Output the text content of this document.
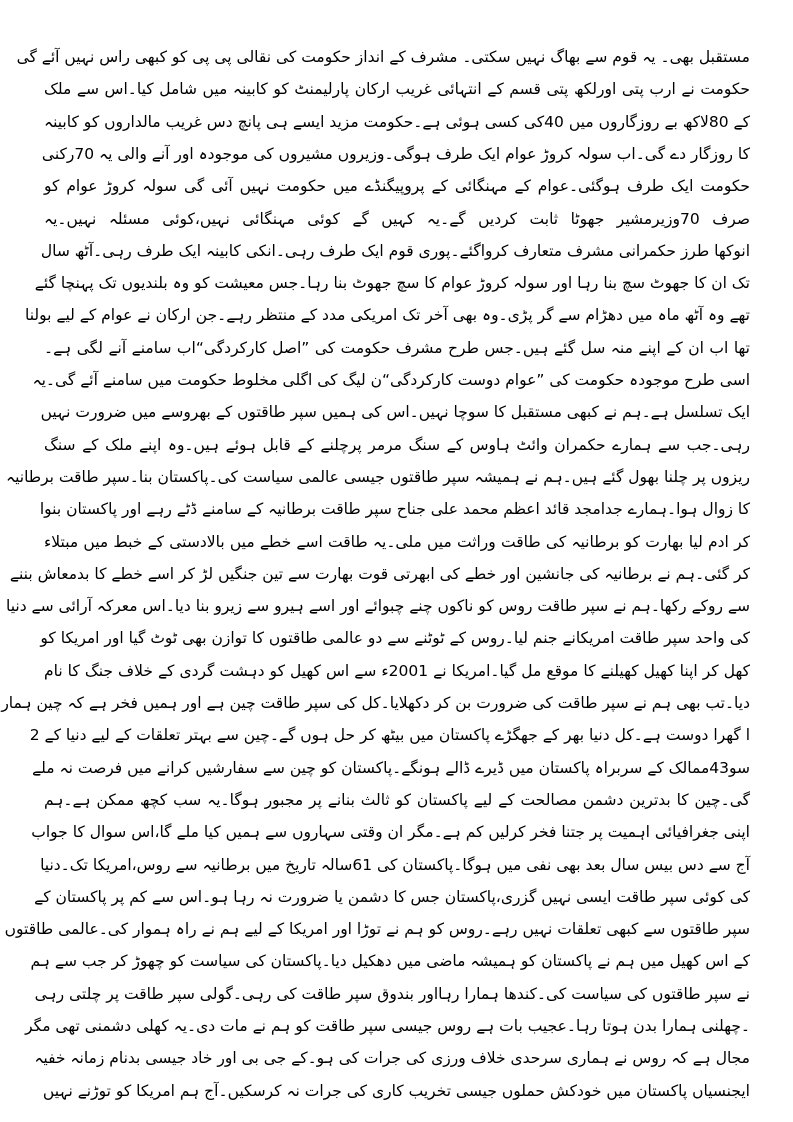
مستقبل بھی۔ یہ قوم سے بھاگ نہیں سکتی۔ مشرف کے انداز حکومت کی نقالی پی پی کو کبھی راس نہیں آئے گی
حکومت نے ارب پتی اورلکھ پتی قسم کے انتہائی غریب ارکان پارلیمنٹ کو کابینہ میں شامل کیا۔اس سے ملک
کے 80لاکھ بے روزگاروں میں 40کی کسی ہوئی ہے۔حکومت مزید ایسے ہی پانچ دس غریب مالداروں کو کابینہ
کا روزگار دے گی۔اب سولہ کروڑ عوام ایک طرف ہوگی۔وزیروں مشیروں کی موجودہ اور آنے والی یہ 70رکنی
حکومت ایک طرف ہوگئی۔عوام کے مہنگائی کے پروپیگنڈے میں حکومت نہیں آئی گی سولہ کروڑ عوام کو
صرف 70وزیرمشیر جھوٹا ثابت کردیں گے۔یہ کہیں گے کوئی مہنگائی نہیں،کوئی مسئلہ نہیں۔یہ
انوکھا طرز حکمرانی مشرف متعارف کرواگئے۔پوری قوم ایک طرف رہی۔انکی کابینہ ایک طرف رہی۔آٹھ سال
تک ان کا جھوٹ سچ بنا رہا اور سولہ کروڑ عوام کا سچ جھوٹ بنا رہا۔جس معیشت کو وہ بلندیوں تک پہنچا گئے
تھے وہ آٹھ ماہ میں دھڑام سے گر پڑی۔وہ بھی آخر تک امریکی مدد کے منتظر رہے۔جن ارکان نے عوام کے لیے بولنا
تھا اب ان کے اپنے منہ سل گئے ہیں۔جس طرح مشرف حکومت کی ”اصل کارکردگی“اب سامنے آنے لگی ہے۔
اسی طرح موجودہ حکومت کی ”عوام دوست کارکردگی“ن لیگ کی اگلی مخلوط حکومت میں سامنے آئے گی۔یہ
ایک تسلسل ہے۔ہم نے کبھی مستقبل کا سوچا نہیں۔اس کی ہمیں سپر طاقتوں کے بھروسے میں ضرورت نہیں
رہی۔جب سے ہمارے حکمران وائٹ ہاوس کے سنگ مرمر پرچلنے کے قابل ہوئے ہیں۔وہ اپنے ملک کے سنگ
ریزوں پر چلنا بھول گئے ہیں۔ہم نے ہمیشہ سپر طاقتوں جیسی عالمی سیاست کی۔پاکستان بنا۔سپر طاقت برطانیہ
کا زوال ہوا۔ہمارے جدامجد قائد اعظم محمد علی جناح سپر طاقت برطانیہ کے سامنے ڈٹے رہے اور پاکستان بنوا
کر ادم لیا بھارت کو برطانیہ کی طاقت وراثت میں ملی۔یہ طاقت اسے خطے میں بالادستی کے خبط میں مبتلاء
کر گئی۔ہم نے برطانیہ کی جانشین اور خطے کی ابھرتی قوت بھارت سے تین جنگیں لڑ کر اسے خطے کا بدمعاش بننے
سے روکے رکھا۔ہم نے سپر طاقت روس کو ناکوں چنے چبوائے اور اسے ہیرو سے زیرو بنا دیا۔اس معرکہ آرائی سے دنیا
کی واحد سپر طاقت امریکانے جنم لیا۔روس کے ٹوٹنے سے دو عالمی طاقتوں کا توازن بھی ٹوٹ گیا اور امریکا کو
کھل کر اپنا کھیل کھیلنے کا موقع مل گیا۔امریکا نے 2001ء سے اس کھیل کو دہشت گردی کے خلاف جنگ کا نام
دیا۔تب بھی ہم نے سپر طاقت کی ضرورت بن کر دکھلایا۔کل کی سپر طاقت چین ہے اور ہمیں فخر ہے کہ چین ہمار
ا گھرا دوست ہے۔کل دنیا بھر کے جھگڑے پاکستان میں بیٹھ کر حل ہوں گے۔چین سے بہتر تعلقات کے لیے دنیا کے 2
سو43ممالک کے سربراہ پاکستان میں ڈیرے ڈالے ہونگے۔پاکستان کو چین سے سفارشیں کرانے میں فرصت نہ ملے
گی۔چین کا بدترین دشمن مصالحت کے لیے پاکستان کو ثالث بنانے پر مجبور ہوگا۔یہ سب کچھ ممکن ہے۔ہم
اپنی جغرافیائی اہمیت پر جتنا فخر کرلیں کم ہے۔مگر ان وقتی سہاروں سے ہمیں کیا ملے گا،اس سوال کا جواب
آج سے دس بیس سال بعد بھی نفی میں ہوگا۔پاکستان کی 61سالہ تاریخ میں برطانیہ سے روس،امریکا تک۔دنیا
کی کوئی سپر طاقت ایسی نہیں گزری،پاکستان جس کا دشمن یا ضرورت نہ رہا ہو۔اس سے کم پر پاکستان کے
سپر طاقتوں سے کبھی تعلقات نہیں رہے۔روس کو ہم نے توڑا اور امریکا کے لیے ہم نے راہ ہموار کی۔عالمی طاقتوں
کے اس کھیل میں ہم نے پاکستان کو ہمیشہ ماضی میں دھکیل دیا۔پاکستان کی سیاست کو چھوڑ کر جب سے ہم
نے سپر طاقتوں کی سیاست کی۔کندھا ہمارا رہااور بندوق سپر طاقت کی رہی۔گولی سپر طاقت پر چلتی رہی
۔چھلنی ہمارا بدن ہوتا رہا۔عجیب بات ہے روس جیسی سپر طاقت کو ہم نے مات دی۔یہ کھلی دشمنی تھی مگر
مجال ہے کہ روس نے ہماری سرحدی خلاف ورزی کی جرات کی ہو۔کے جی بی اور خاد جیسی بدنام زمانہ خفیہ
ایجنسیاں پاکستان میں خودکش حملوں جیسی تخریب کاری کی جرات نہ کرسکیں۔آج ہم امریکا کو توڑنے نہیں
